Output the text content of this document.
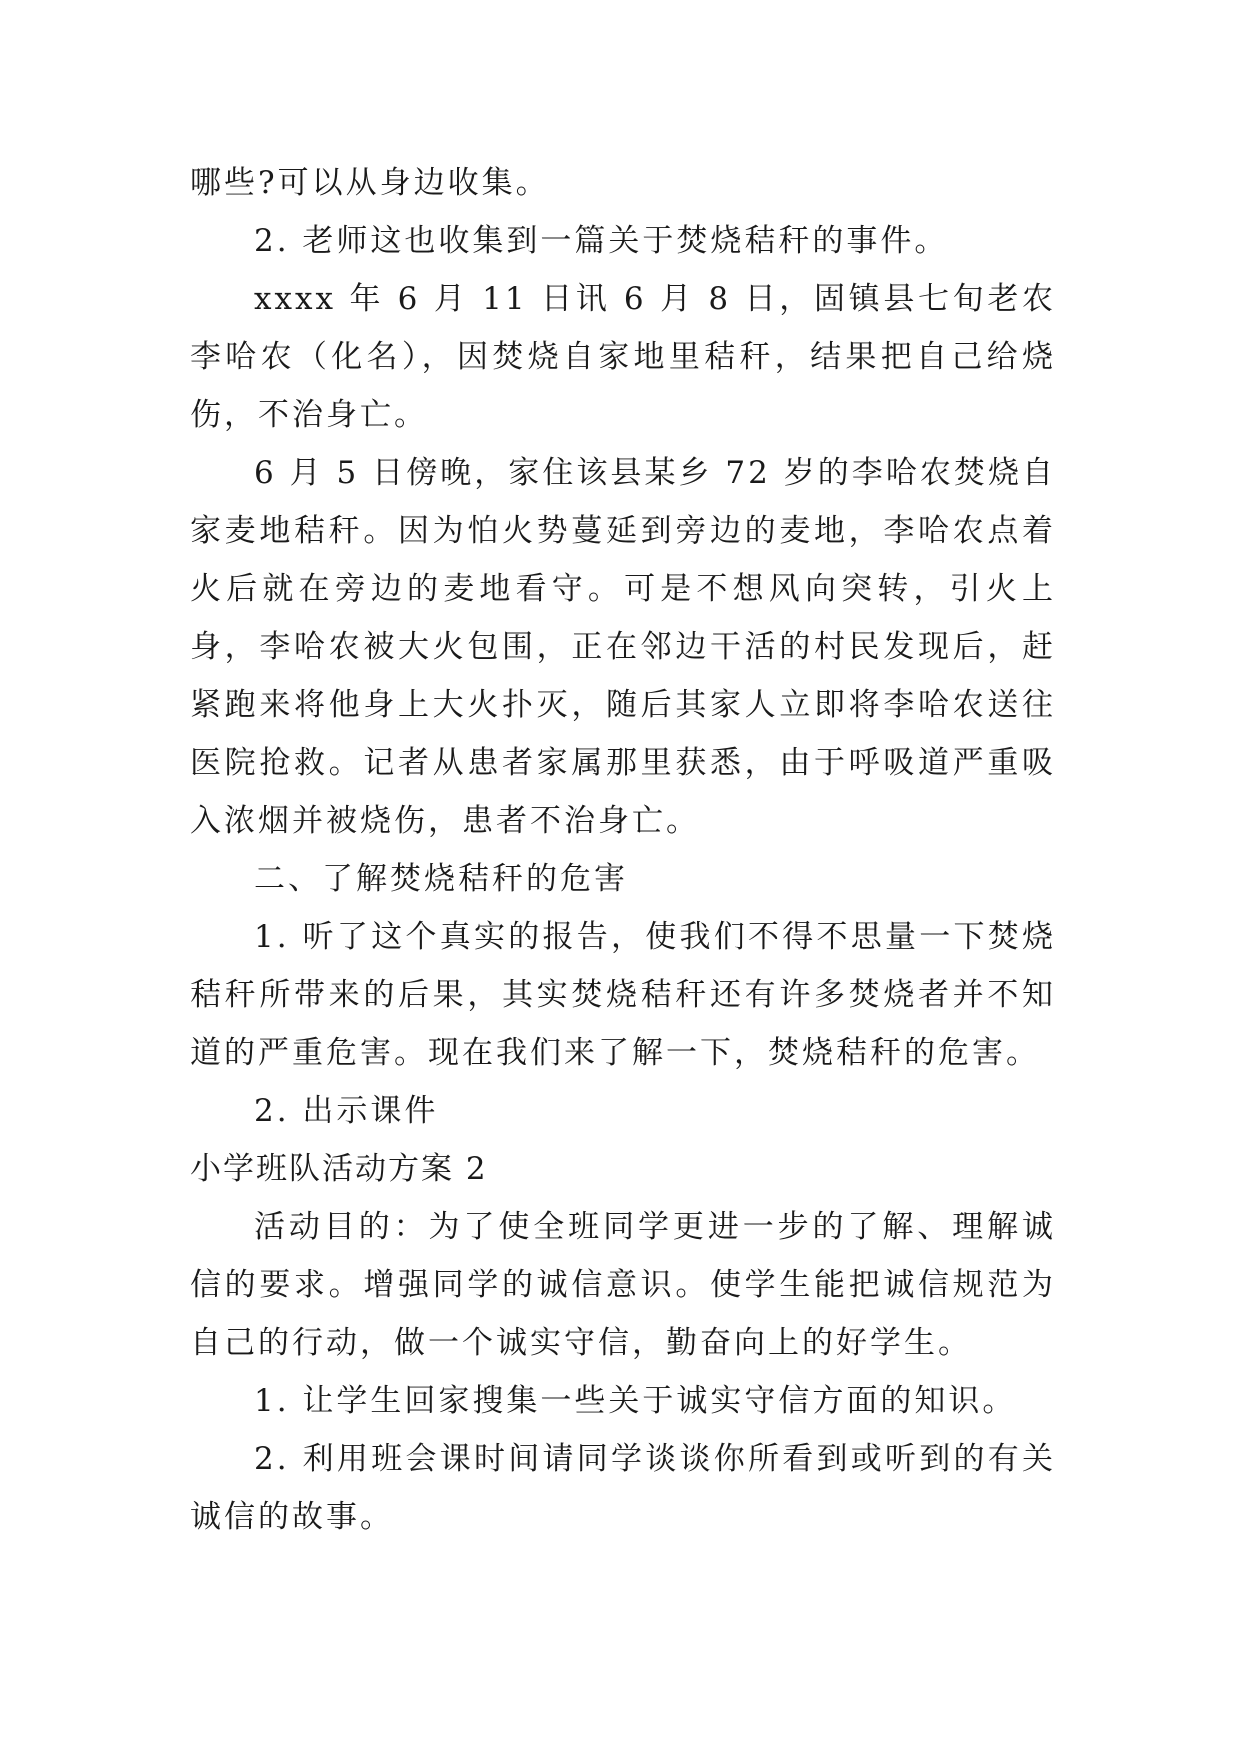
哪些?可以从身边收集。

2. 老师这也收集到一篇关于焚烧秸秆的事件。

xxxx 年 6 月 11 日讯 6 月 8 日，固镇县七旬老农李哈农（化名），因焚烧自家地里秸秆，结果把自己给烧伤，不治身亡。

6 月 5 日傍晚，家住该县某乡 72 岁的李哈农焚烧自家麦地秸秆。因为怕火势蔓延到旁边的麦地，李哈农点着火后就在旁边的麦地看守。可是不想风向突转，引火上身，李哈农被大火包围，正在邻边干活的村民发现后，赶紧跑来将他身上大火扑灭，随后其家人立即将李哈农送往医院抢救。记者从患者家属那里获悉，由于呼吸道严重吸入浓烟并被烧伤，患者不治身亡。

二、了解焚烧秸秆的危害

1. 听了这个真实的报告，使我们不得不思量一下焚烧秸秆所带来的后果，其实焚烧秸秆还有许多焚烧者并不知道的严重危害。现在我们来了解一下，焚烧秸秆的危害。

2. 出示课件

小学班队活动方案 2

活动目的：为了使全班同学更进一步的了解、理解诚信的要求。增强同学的诚信意识。使学生能把诚信规范为自己的行动，做一个诚实守信，勤奋向上的好学生。

1. 让学生回家搜集一些关于诚实守信方面的知识。

2. 利用班会课时间请同学谈谈你所看到或听到的有关诚信的故事。
